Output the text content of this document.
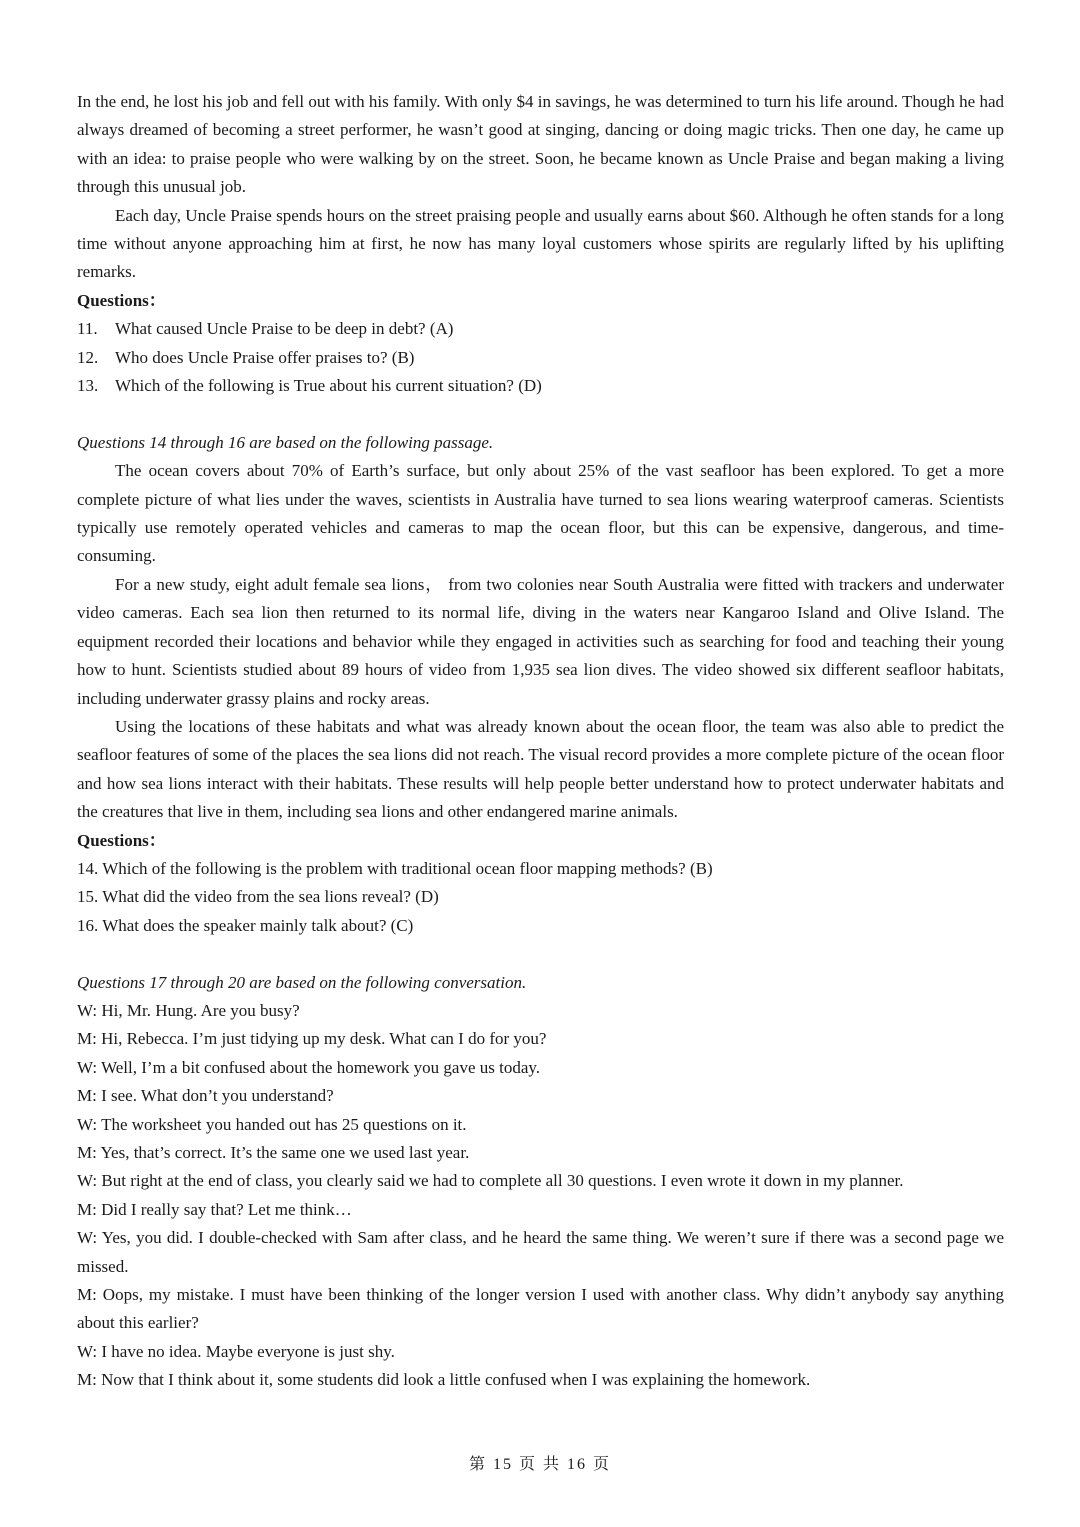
In the end, he lost his job and fell out with his family. With only $4 in savings, he was determined to turn his life around. Though he had always dreamed of becoming a street performer, he wasn’t good at singing, dancing or doing magic tricks. Then one day, he came up with an idea: to praise people who were walking by on the street. Soon, he became known as Uncle Praise and began making a living through this unusual job.

Each day, Uncle Praise spends hours on the street praising people and usually earns about $60. Although he often stands for a long time without anyone approaching him at first, he now has many loyal customers whose spirits are regularly lifted by his uplifting remarks.

Questions：

11. What caused Uncle Praise to be deep in debt? (A)

12. Who does Uncle Praise offer praises to? (B)

13. Which of the following is True about his current situation? (D)

Questions 14 through 16 are based on the following passage.

The ocean covers about 70% of Earth’s surface, but only about 25% of the vast seafloor has been explored. To get a more complete picture of what lies under the waves, scientists in Australia have turned to sea lions wearing waterproof cameras. Scientists typically use remotely operated vehicles and cameras to map the ocean floor, but this can be expensive, dangerous, and time-consuming.

For a new study, eight adult female sea lions， from two colonies near South Australia were fitted with trackers and underwater video cameras. Each sea lion then returned to its normal life, diving in the waters near Kangaroo Island and Olive Island. The equipment recorded their locations and behavior while they engaged in activities such as searching for food and teaching their young how to hunt. Scientists studied about 89 hours of video from 1,935 sea lion dives. The video showed six different seafloor habitats, including underwater grassy plains and rocky areas.

Using the locations of these habitats and what was already known about the ocean floor, the team was also able to predict the seafloor features of some of the places the sea lions did not reach. The visual record provides a more complete picture of the ocean floor and how sea lions interact with their habitats. These results will help people better understand how to protect underwater habitats and the creatures that live in them, including sea lions and other endangered marine animals.

Questions：

14. Which of the following is the problem with traditional ocean floor mapping methods? (B)

15. What did the video from the sea lions reveal? (D)

16. What does the speaker mainly talk about? (C)

Questions 17 through 20 are based on the following conversation.

W: Hi, Mr. Hung. Are you busy?

M: Hi, Rebecca. I’m just tidying up my desk. What can I do for you?

W: Well, I’m a bit confused about the homework you gave us today.

M: I see. What don’t you understand?

W: The worksheet you handed out has 25 questions on it.

M: Yes, that’s correct. It’s the same one we used last year.

W: But right at the end of class, you clearly said we had to complete all 30 questions. I even wrote it down in my planner.

M: Did I really say that? Let me think…

W: Yes, you did. I double-checked with Sam after class, and he heard the same thing. We weren’t sure if there was a second page we missed.

M: Oops, my mistake. I must have been thinking of the longer version I used with another class. Why didn’t anybody say anything about this earlier?

W: I have no idea. Maybe everyone is just shy.

M: Now that I think about it, some students did look a little confused when I was explaining the homework.

第 15 页 共 16 页
